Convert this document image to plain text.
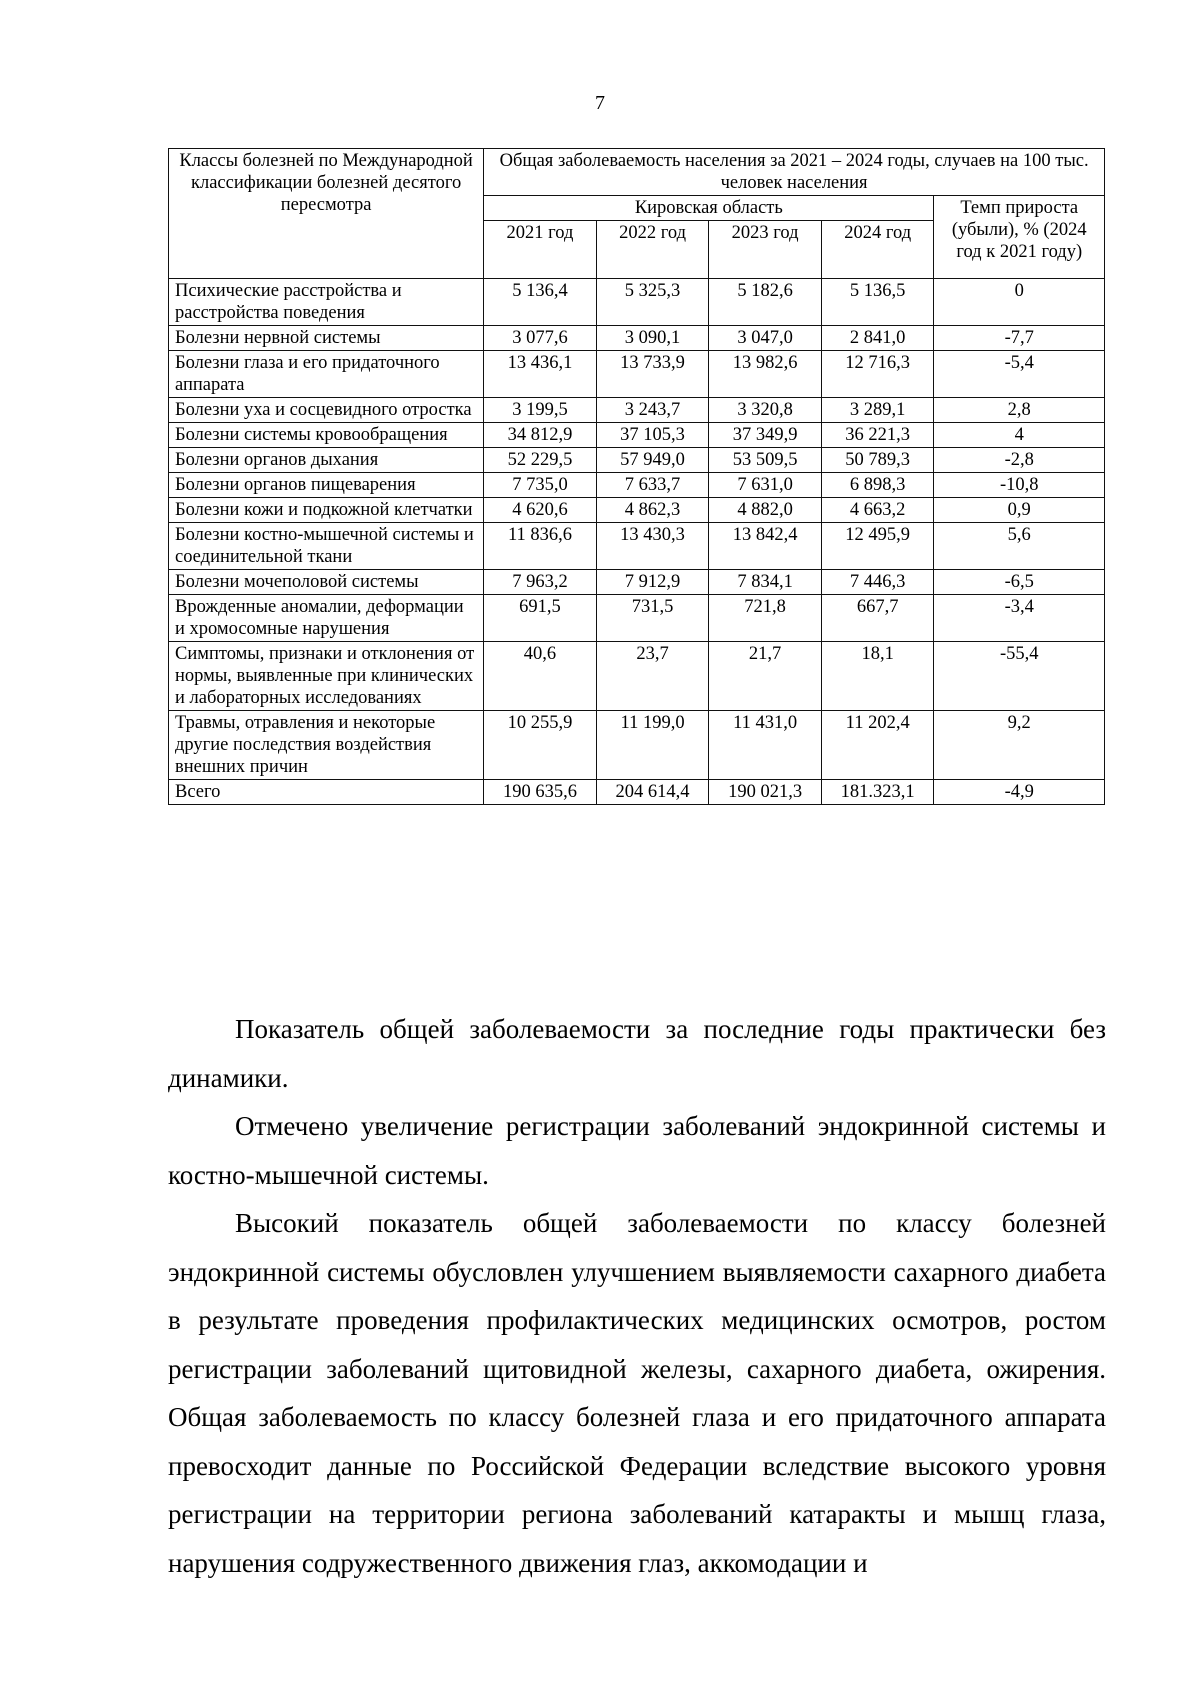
7
Классы болезней по Международной классификации болезней десятого пересмотра	Общая заболеваемость населения за 2021 – 2024 годы, случаев на 100 тыс. человек населения				
	Кировская область				Темп прироста (убыли), % (2024 год к 2021 году)
	2021 год	2022 год	2023 год	2024 год	
Психические расстройства и расстройства поведения	5 136,4	5 325,3	5 182,6	5 136,5	0
Болезни нервной системы	3 077,6	3 090,1	3 047,0	2 841,0	-7,7
Болезни глаза и его придаточного аппарата	13 436,1	13 733,9	13 982,6	12 716,3	-5,4
Болезни уха и сосцевидного отростка	3 199,5	3 243,7	3 320,8	3 289,1	2,8
Болезни системы кровообращения	34 812,9	37 105,3	37 349,9	36 221,3	4
Болезни органов дыхания	52 229,5	57 949,0	53 509,5	50 789,3	-2,8
Болезни органов пищеварения	7 735,0	7 633,7	7 631,0	6 898,3	-10,8
Болезни кожи и подкожной клетчатки	4 620,6	4 862,3	4 882,0	4 663,2	0,9
Болезни костно-мышечной системы и соединительной ткани	11 836,6	13 430,3	13 842,4	12 495,9	5,6
Болезни мочеполовой системы	7 963,2	7 912,9	7 834,1	7 446,3	-6,5
Врожденные аномалии, деформации и хромосомные нарушения	691,5	731,5	721,8	667,7	-3,4
Симптомы, признаки и отклонения от нормы, выявленные при клинических и лабораторных исследованиях	40,6	23,7	21,7	18,1	-55,4
Травмы, отравления и некоторые другие последствия воздействия внешних причин	10 255,9	11 199,0	11 431,0	11 202,4	9,2
Всего	190 635,6	204 614,4	190 021,3	181.323,1	-4,9

Показатель общей заболеваемости за последние годы практически без динамики.

Отмечено увеличение регистрации заболеваний эндокринной системы и костно-мышечной системы.

Высокий показатель общей заболеваемости по классу болезней эндокринной системы обусловлен улучшением выявляемости сахарного диабета в результате проведения профилактических медицинских осмотров, ростом регистрации заболеваний щитовидной железы, сахарного диабета, ожирения. Общая заболеваемость по классу болезней глаза и его придаточного аппарата превосходит данные по Российской Федерации вследствие высокого уровня регистрации на территории региона заболеваний катаракты и мышц глаза, нарушения содружественного движения глаз, аккомодации и
